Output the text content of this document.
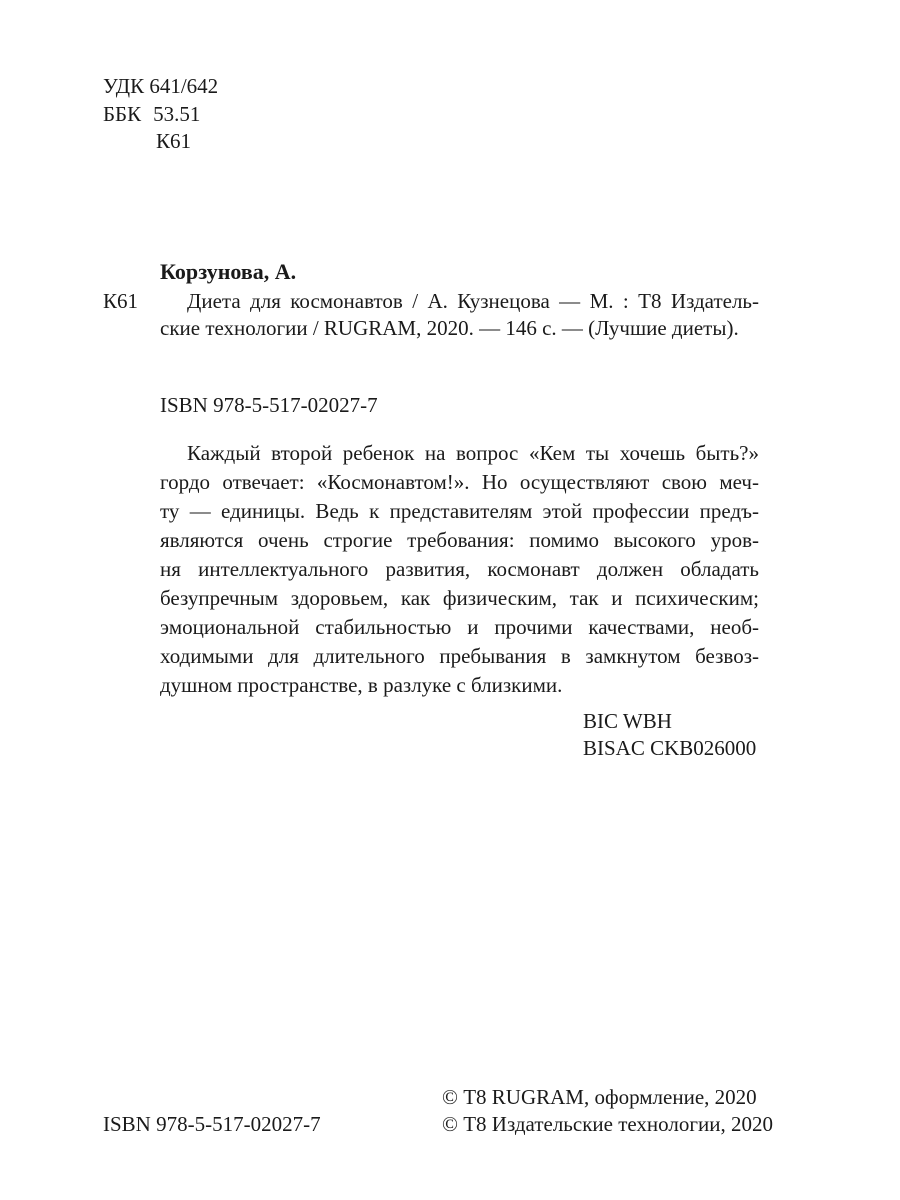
УДК 641/642
ББК 53.51
К61
Корзунова, А.
К61 Диета для космонавтов / А. Кузнецова — М. : Т8 Издатель-
ские технологии / RUGRAM, 2020. — 146 с. — (Лучшие диеты).
ISBN 978-5-517-02027-7
Каждый второй ребенок на вопрос «Кем ты хочешь быть?»
гордо отвечает: «Космонавтом!». Но осуществляют свою меч-
ту — единицы. Ведь к представителям этой профессии предъ-
являются очень строгие требования: помимо высокого уров-
ня интеллектуального развития, космонавт должен обладать
безупречным здоровьем, как физическим, так и психическим;
эмоциональной стабильностью и прочими качествами, необ-
ходимыми для длительного пребывания в замкнутом безвоз-
душном пространстве, в разлуке с близкими.
BIC WBH
BISAC CKB026000
© Т8 RUGRAM, оформление, 2020
© Т8 Издательские технологии, 2020
ISBN 978-5-517-02027-7
